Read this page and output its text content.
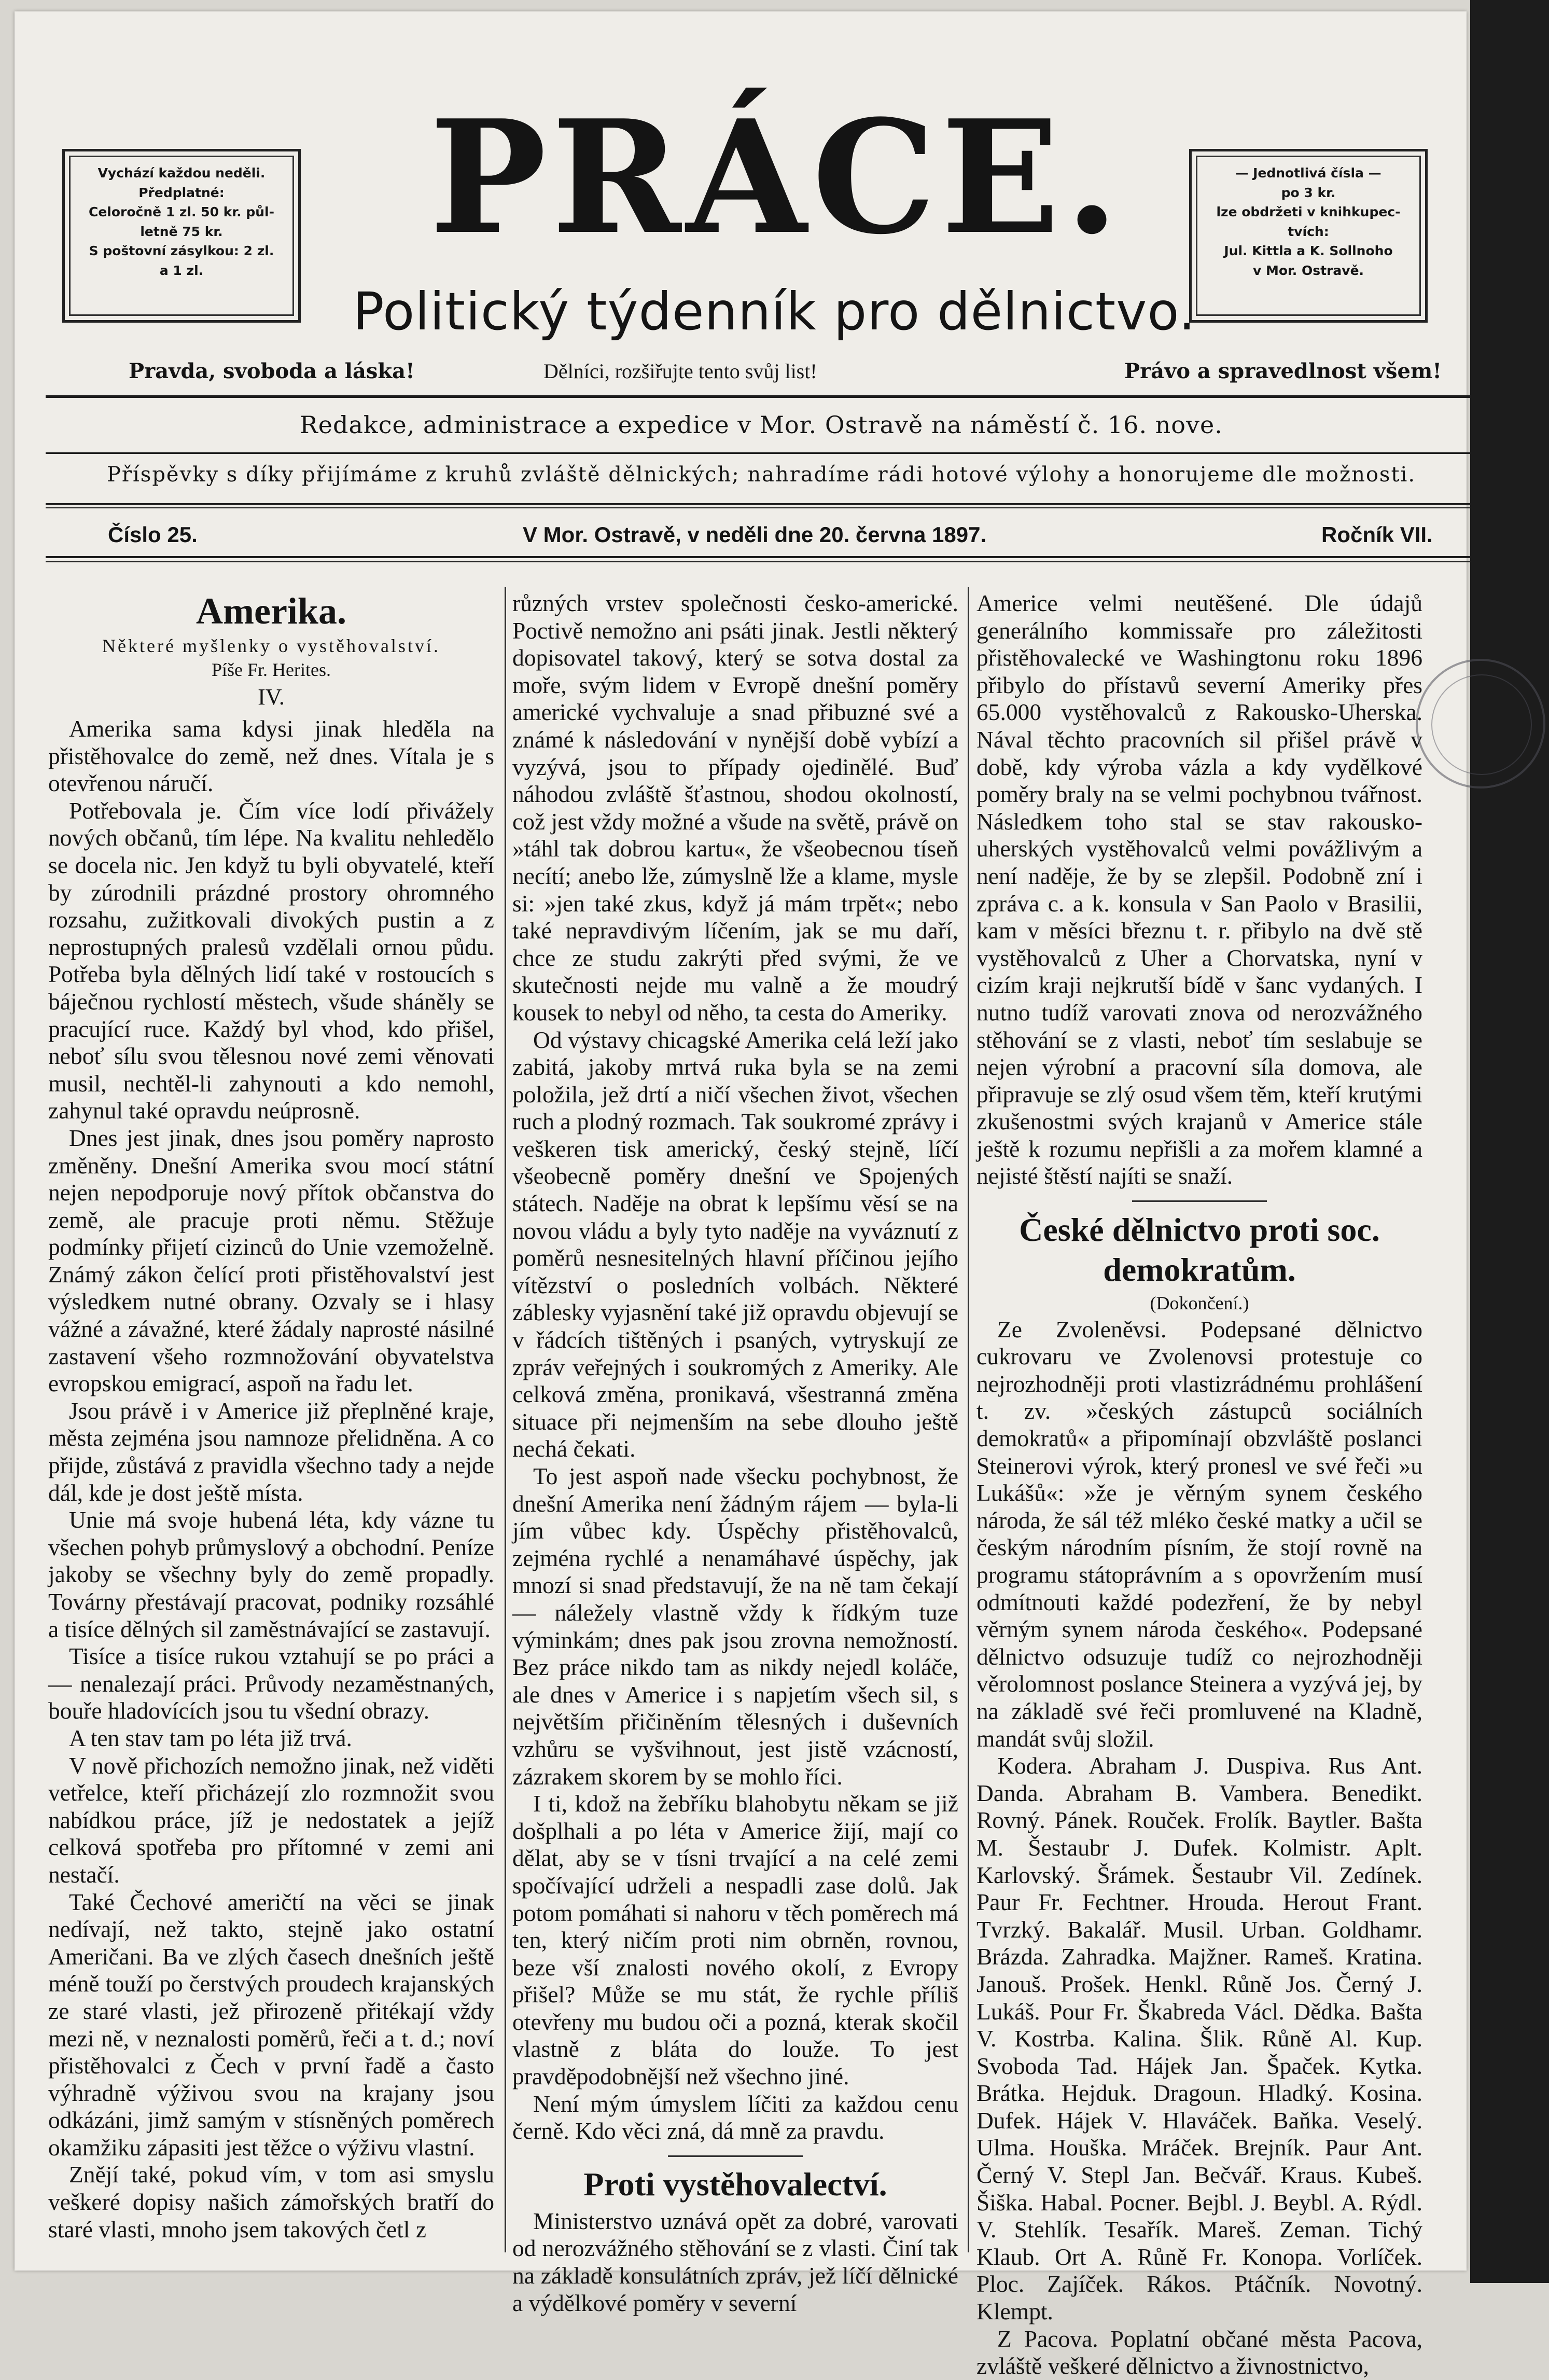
Vychází každou neděli.
Předplatné:
Celoročně 1 zl. 50 kr. půl-
letně 75 kr.
S poštovní zásylkou: 2 zl.
a 1 zl.
PRÁCE.
Politický týdenník pro dělnictvo.
— Jednotlivá čísla —
po 3 kr.
lze obdržeti v knihkupec-
tvích:
Jul. Kittla a K. Sollnoho
v Mor. Ostravě.
Pravda, svoboda a láska!	Dělníci, rozšiřujte tento svůj list!	Právo a spravedlnost všem!
Redakce, administrace a expedice v Mor. Ostravě na náměstí č. 16. nove.
Příspěvky s díky přijímáme z kruhů zvláště dělnických; nahradíme rádi hotové výlohy a honorujeme dle možnosti.
Číslo 25.	V Mor. Ostravě, v neděli dne 20. června 1897.	Ročník VII.
Amerika.
Některé myšlenky o vystěhovalství.
Píše Fr. Herites.
IV.

Amerika sama kdysi jinak hleděla na přistěhovalce do země, než dnes. Vítala je s otevřenou náručí.

Potřebovala je. Čím více lodí přivážely nových občanů, tím lépe. Na kvalitu nehledělo se docela nic. Jen když tu byli obyvatelé, kteří by zúrodnili prázdné prostory ohromného rozsahu, zužitkovali divokých pustin a z neprostupných pralesů vzdělali ornou půdu. Potřeba byla dělných lidí také v rostoucích s báječnou rychlostí městech, všude sháněly se pracující ruce. Každý byl vhod, kdo přišel, neboť sílu svou tělesnou nové zemi věnovati musil, nechtěl-li zahynouti a kdo nemohl, zahynul také opravdu neúprosně.

Dnes jest jinak, dnes jsou poměry naprosto změněny. Dnešní Amerika svou mocí státní nejen nepodporuje nový přítok občanstva do země, ale pracuje proti němu. Stěžuje podmínky přijetí cizinců do Unie vzemoželně. Známý zákon čelící proti přistěhovalství jest výsledkem nutné obrany. Ozvaly se i hlasy vážné a závažné, které žádaly naprosté násilné zastavení všeho rozmnožování obyvatelstva evropskou emigrací, aspoň na řadu let.

Jsou právě i v Americe již přeplněné kraje, města zejména jsou namnoze přelidněna. A co přijde, zůstává z pravidla všechno tady a nejde dál, kde je dost ještě místa.

Unie má svoje hubená léta, kdy vázne tu všechen pohyb průmyslový a obchodní. Peníze jakoby se všechny byly do země propadly. Továrny přestávají pracovat, podniky rozsáhlé a tisíce dělných sil zaměstnávající se zastavují.

Tisíce a tisíce rukou vztahují se po práci a — nenalezají práci. Průvody nezaměstnaných, bouře hladovících jsou tu všední obrazy.

A ten stav tam po léta již trvá.

V nově přichozích nemožno jinak, než viděti vetřelce, kteří přicházejí zlo rozmnožit svou nabídkou práce, jíž je nedostatek a jejíž celková spotřeba pro přítomné v zemi ani nestačí.

Také Čechové američtí na věci se jinak nedívají, než takto, stejně jako ostatní Američani. Ba ve zlých časech dnešních ještě méně touží po čerstvých proudech krajanských ze staré vlasti, jež přirozeně přitékají vždy mezi ně, v neznalosti poměrů, řeči a t. d.; noví přistěhovalci z Čech v první řadě a často výhradně výživou svou na krajany jsou odkázáni, jimž samým v stísněných poměrech okamžiku zápasiti jest těžce o výživu vlastní.

Znějí také, pokud vím, v tom asi smyslu veškeré dopisy našich zámořských bratří do staré vlasti, mnoho jsem takových četl z

různých vrstev společnosti česko-americké. Poctivě nemožno ani psáti jinak. Jestli některý dopisovatel takový, který se sotva dostal za moře, svým lidem v Evropě dnešní poměry americké vychvaluje a snad přibuzné své a známé k následování v nynější době vybízí a vyzývá, jsou to případy ojedinělé. Buď náhodou zvláště šťastnou, shodou okolností, což jest vždy možné a všude na světě, právě on »táhl tak dobrou kartu«, že všeobecnou tíseň necítí; anebo lže, zúmyslně lže a klame, mysle si: »jen také zkus, když já mám trpět«; nebo také nepravdivým líčením, jak se mu daří, chce ze studu zakrýti před svými, že ve skutečnosti nejde mu valně a že moudrý kousek to nebyl od něho, ta cesta do Ameriky.

Od výstavy chicagské Amerika celá leží jako zabitá, jakoby mrtvá ruka byla se na zemi položila, jež drtí a ničí všechen život, všechen ruch a plodný rozmach. Tak soukromé zprávy i veškeren tisk americký, český stejně, líčí všeobecně poměry dnešní ve Spojených státech. Naděje na obrat k lepšímu věsí se na novou vládu a byly tyto naděje na vyváznutí z poměrů nesnesitelných hlavní příčinou jejího vítězství o posledních volbách. Některé záblesky vyjasnění také již opravdu objevují se v řádcích tištěných i psaných, vytryskují ze zpráv veřejných i soukromých z Ameriky. Ale celková změna, pronikavá, všestranná změna situace při nejmenším na sebe dlouho ještě nechá čekati.

To jest aspoň nade všecku pochybnost, že dnešní Amerika není žádným rájem — byla-li jím vůbec kdy. Úspěchy přistěhovalců, zejména rychlé a nenamáhavé úspěchy, jak mnozí si snad představují, že na ně tam čekají — náležely vlastně vždy k řídkým tuze výminkám; dnes pak jsou zrovna nemožností. Bez práce nikdo tam as nikdy nejedl koláče, ale dnes v Americe i s napjetím všech sil, s největším přičiněním tělesných i duševních vzhůru se vyšvihnout, jest jistě vzácností, zázrakem skorem by se mohlo říci.

I ti, kdož na žebříku blahobytu někam se již došplhali a po léta v Americe žijí, mají co dělat, aby se v tísni trvající a na celé zemi spočívající udrželi a nespadli zase dolů. Jak potom pomáhati si nahoru v těch poměrech má ten, který ničím proti nim obrněn, rovnou, beze vší znalosti nového okolí, z Evropy přišel? Může se mu stát, že rychle příliš otevřeny mu budou oči a pozná, kterak skočil vlastně z bláta do louže. To jest pravděpodobnější než všechno jiné.

Není mým úmyslem líčiti za každou cenu černě. Kdo věci zná, dá mně za pravdu.

Proti vystěhovalectví.

Ministerstvo uznává opět za dobré, varovati od nerozvážného stěhování se z vlasti. Činí tak na základě konsulátních zpráv, jež líčí dělnické a výdělkové poměry v severní

Americe velmi neutěšené. Dle údajů generálního kommissaře pro záležitosti přistěhovalecké ve Washingtonu roku 1896 přibylo do přístavů severní Ameriky přes 65.000 vystěhovalců z Rakousko-Uherska. Nával těchto pracovních sil přišel právě v době, kdy výroba vázla a kdy vydělkové poměry braly na se velmi pochybnou tvářnost. Následkem toho stal se stav rakousko-uherských vystěhovalců velmi povážlivým a není naděje, že by se zlepšil. Podobně zní i zpráva c. a k. konsula v San Paolo v Brasilii, kam v měsíci březnu t. r. přibylo na dvě stě vystěhovalců z Uher a Chorvatska, nyní v cizím kraji nejkrutší bídě v šanc vydaných. I nutno tudíž varovati znova od nerozvážného stěhování se z vlasti, neboť tím seslabuje se nejen výrobní a pracovní síla domova, ale připravuje se zlý osud všem těm, kteří krutými zkušenostmi svých krajanů v Americe stále ještě k rozumu nepřišli a za mořem klamné a nejisté štěstí najíti se snaží.

České dělnictvo proti soc. demokratům.
(Dokončení.)

Ze Zvoleněvsi. Podepsané dělnictvo cukrovaru ve Zvolenovsi protestuje co nejrozhodněji proti vlastizrádnému prohlášení t. zv. »českých zástupců sociálních demokratů« a připomínají obzvláště poslanci Steinerovi výrok, který pronesl ve své řeči »u Lukášů«: »že je věrným synem českého národa, že sál též mléko české matky a učil se českým národním písním, že stojí rovně na programu státoprávním a s opovržením musí odmítnouti každé podezření, že by nebyl věrným synem národa českého«. Podepsané dělnictvo odsuzuje tudíž co nejrozhodněji věrolomnost poslance Steinera a vyzývá jej, by na základě své řeči promluvené na Kladně, mandát svůj složil.

Kodera. Abraham J. Duspiva. Rus Ant. Danda. Abraham B. Vambera. Benedikt. Rovný. Pánek. Rouček. Frolík. Baytler. Bašta M. Šestaubr J. Dufek. Kolmistr. Aplt. Karlovský. Šrámek. Šestaubr Vil. Zedínek. Paur Fr. Fechtner. Hrouda. Herout Frant. Tvrzký. Bakalář. Musil. Urban. Goldhamr. Brázda. Zahradka. Majžner. Rameš. Kratina. Janouš. Prošek. Henkl. Růně Jos. Černý J. Lukáš. Pour Fr. Škabreda Václ. Dědka. Bašta V. Kostrba. Kalina. Šlik. Růně Al. Kup. Svoboda Tad. Hájek Jan. Špaček. Kytka. Brátka. Hejduk. Dragoun. Hladký. Kosina. Dufek. Hájek V. Hlaváček. Baňka. Veselý. Ulma. Houška. Mráček. Brejník. Paur Ant. Černý V. Stepl Jan. Bečvář. Kraus. Kubeš. Šiška. Habal. Pocner. Bejbl. J. Beybl. A. Rýdl. V. Stehlík. Tesařík. Mareš. Zeman. Tichý Klaub. Ort A. Růně Fr. Konopa. Vorlíček. Ploc. Zajíček. Rákos. Ptáčník. Novotný. Klempt.

Z Pacova. Poplatní občané města Pacova, zvláště veškeré dělnictvo a živnostnictvo,
